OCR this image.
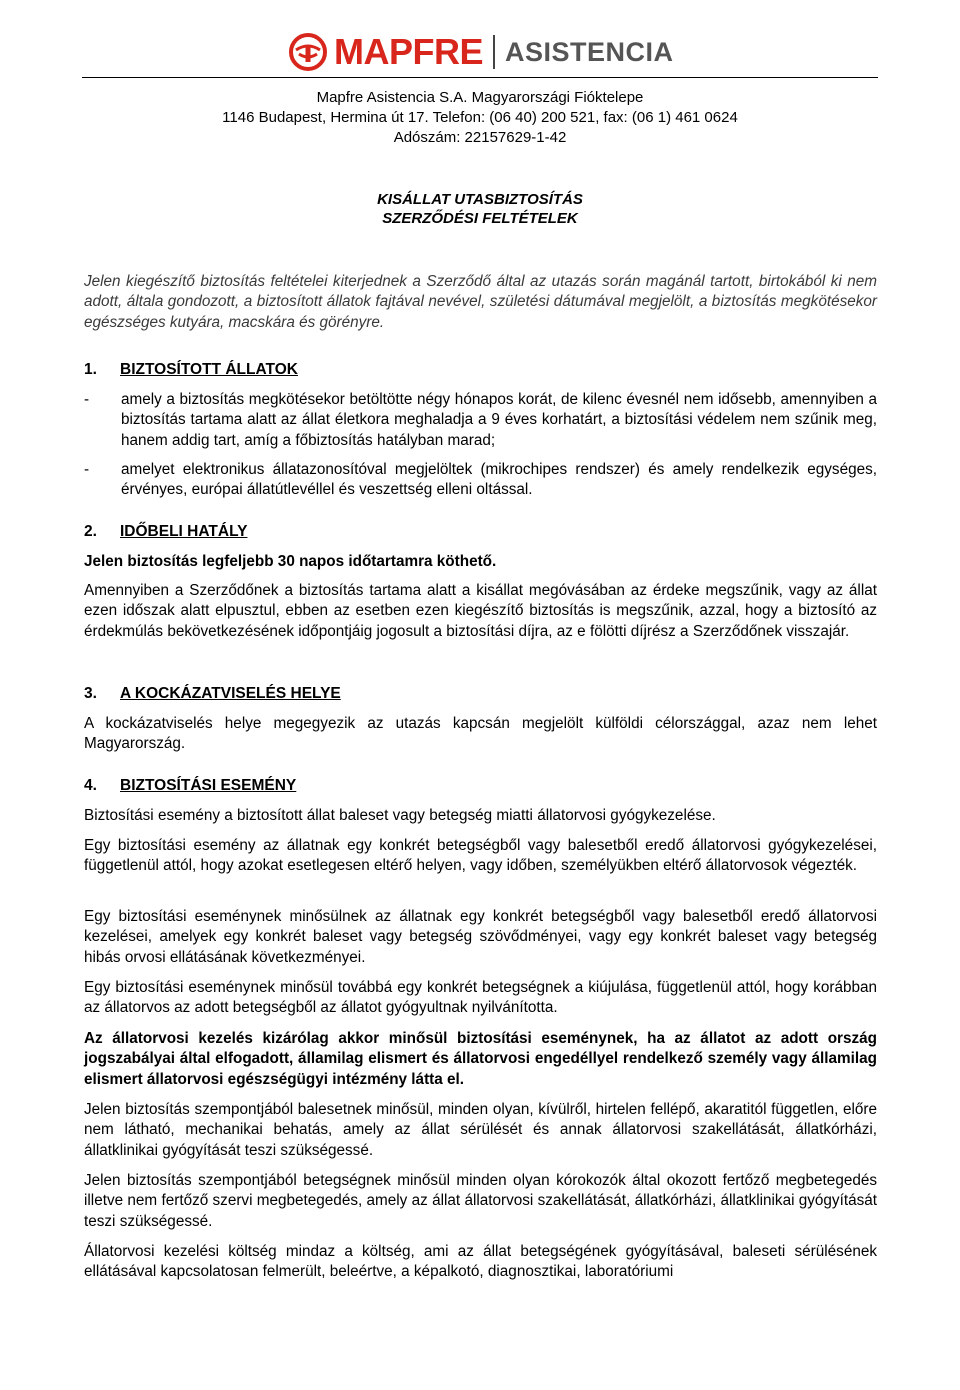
MAPFRE ASISTENCIA
Mapfre Asistencia S.A. Magyarországi Fióktelepe
1146 Budapest, Hermina út 17. Telefon: (06 40) 200 521, fax: (06 1) 461 0624
Adószám: 22157629-1-42
KISÁLLAT UTASBIZTOSÍTÁS
SZERZŐDÉSI FELTÉTELEK
Jelen kiegészítő biztosítás feltételei kiterjednek a Szerződő által az utazás során magánál tartott, birtokából ki nem adott, általa gondozott, a biztosított állatok fajtával nevével, születési dátumával megjelölt, a biztosítás megkötésekor egészséges kutyára, macskára és görényre.
1. BIZTOSÍTOTT ÁLLATOK
- amely a biztosítás megkötésekor betöltötte négy hónapos korát, de kilenc évesnél nem idősebb, amennyiben a biztosítás tartama alatt az állat életkora meghaladja a 9 éves korhatárt, a biztosítási védelem nem szűnik meg, hanem addig tart, amíg a főbiztosítás hatályban marad;
- amelyet elektronikus állatazonosítóval megjelöltek (mikrochipes rendszer) és amely rendelkezik egységes, érvényes, európai állatútlevéllel és veszettség elleni oltással.
2. IDŐBELI HATÁLY
Jelen biztosítás legfeljebb 30 napos időtartamra köthető.
Amennyiben a Szerződőnek a biztosítás tartama alatt a kisállat megóvásában az érdeke megszűnik, vagy az állat ezen időszak alatt elpusztul, ebben az esetben ezen kiegészítő biztosítás is megszűnik, azzal, hogy a biztosító az érdekmúlás bekövetkezésének időpontjáig jogosult a biztosítási díjra, az e fölötti díjrész a Szerződőnek visszajár.
3. A KOCKÁZATVISELÉS HELYE
A kockázatviselés helye megegyezik az utazás kapcsán megjelölt külföldi célországgal, azaz nem lehet Magyarország.
4. BIZTOSÍTÁSI ESEMÉNY
Biztosítási esemény a biztosított állat baleset vagy betegség miatti állatorvosi gyógykezelése.
Egy biztosítási esemény az állatnak egy konkrét betegségből vagy balesetből eredő állatorvosi gyógykezelései, függetlenül attól, hogy azokat esetlegesen eltérő helyen, vagy időben, személyükben eltérő állatorvosok végezték.
Egy biztosítási eseménynek minősülnek az állatnak egy konkrét betegségből vagy balesetből eredő állatorvosi kezelései, amelyek egy konkrét baleset vagy betegség szövődményei, vagy egy konkrét baleset vagy betegség hibás orvosi ellátásának következményei.
Egy biztosítási eseménynek minősül továbbá egy konkrét betegségnek a kiújulása, függetlenül attól, hogy korábban az állatorvos az adott betegségből az állatot gyógyultnak nyilvánította.
Az állatorvosi kezelés kizárólag akkor minősül biztosítási eseménynek, ha az állatot az adott ország jogszabályai által elfogadott, államilag elismert és állatorvosi engedéllyel rendelkező személy vagy államilag elismert állatorvosi egészségügyi intézmény látta el.
Jelen biztosítás szempontjából balesetnek minősül, minden olyan, kívülről, hirtelen fellépő, akaratitól független, előre nem látható, mechanikai behatás, amely az állat sérülését és annak állatorvosi szakellátását, állatkórházi, állatklinikai gyógyítását teszi szükségessé.
Jelen biztosítás szempontjából betegségnek minősül minden olyan kórokozók által okozott fertőző megbetegedés illetve nem fertőző szervi megbetegedés, amely az állat állatorvosi szakellátását, állatkórházi, állatklinikai gyógyítását teszi szükségessé.
Állatorvosi kezelési költség mindaz a költség, ami az állat betegségének gyógyításával, baleseti sérülésének ellátásával kapcsolatosan felmerült, beleértve, a képalkotó, diagnosztikai, laboratóriumi
